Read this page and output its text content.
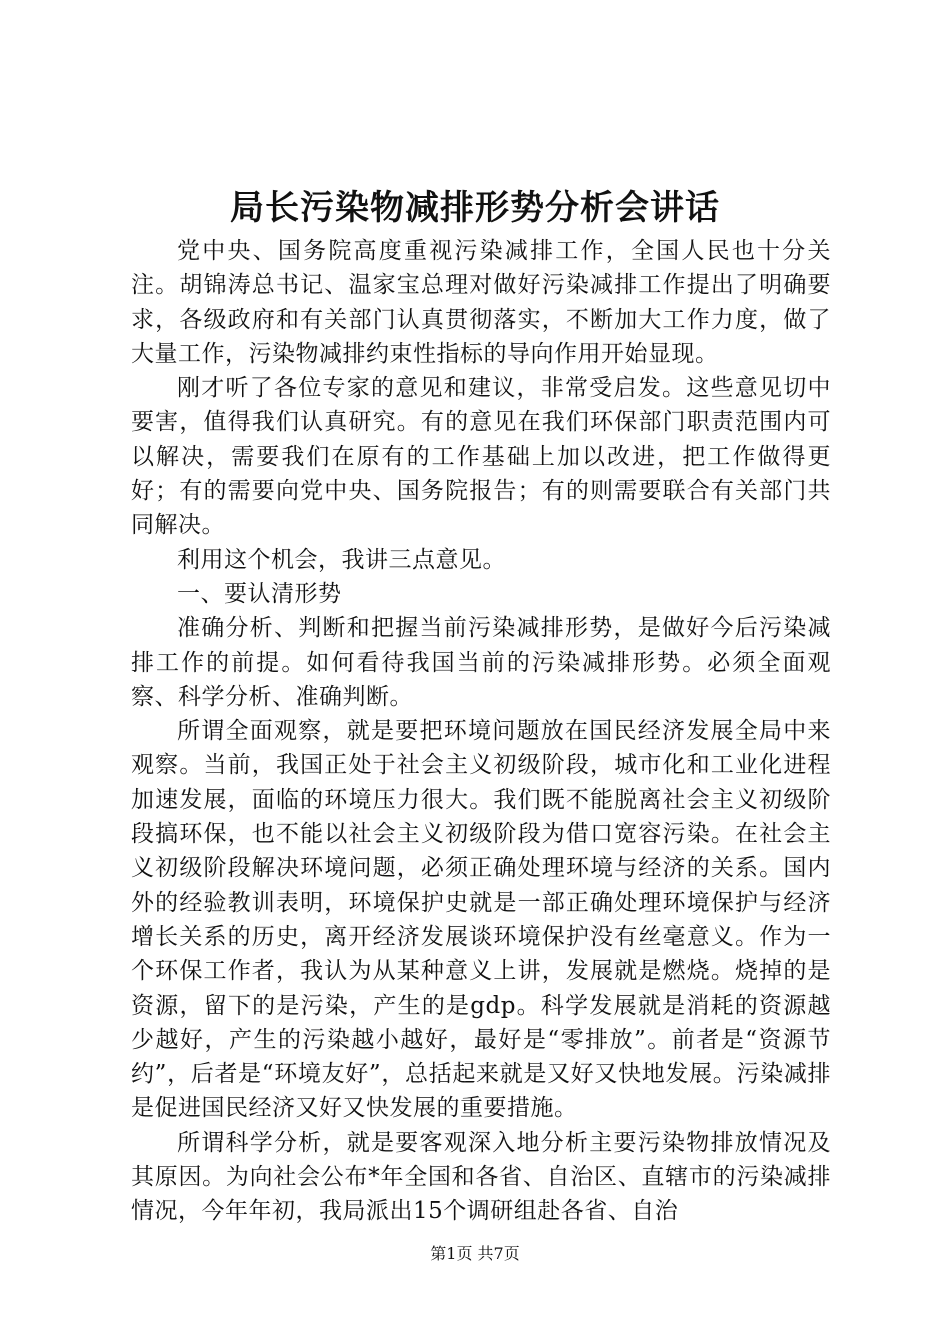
局长污染物减排形势分析会讲话

党中央、国务院高度重视污染减排工作，全国人民也十分关注。胡锦涛总书记、温家宝总理对做好污染减排工作提出了明确要求，各级政府和有关部门认真贯彻落实，不断加大工作力度，做了大量工作，污染物减排约束性指标的导向作用开始显现。

刚才听了各位专家的意见和建议，非常受启发。这些意见切中要害，值得我们认真研究。有的意见在我们环保部门职责范围内可以解决，需要我们在原有的工作基础上加以改进，把工作做得更好；有的需要向党中央、国务院报告；有的则需要联合有关部门共同解决。

利用这个机会，我讲三点意见。

一、要认清形势

准确分析、判断和把握当前污染减排形势，是做好今后污染减排工作的前提。如何看待我国当前的污染减排形势。必须全面观察、科学分析、准确判断。

所谓全面观察，就是要把环境问题放在国民经济发展全局中来观察。当前，我国正处于社会主义初级阶段，城市化和工业化进程加速发展，面临的环境压力很大。我们既不能脱离社会主义初级阶段搞环保，也不能以社会主义初级阶段为借口宽容污染。在社会主义初级阶段解决环境问题，必须正确处理环境与经济的关系。国内外的经验教训表明，环境保护史就是一部正确处理环境保护与经济增长关系的历史，离开经济发展谈环境保护没有丝毫意义。作为一个环保工作者，我认为从某种意义上讲，发展就是燃烧。烧掉的是资源，留下的是污染，产生的是gdp。科学发展就是消耗的资源越少越好，产生的污染越小越好，最好是“零排放”。前者是“资源节约”，后者是“环境友好”，总括起来就是又好又快地发展。污染减排是促进国民经济又好又快发展的重要措施。

所谓科学分析，就是要客观深入地分析主要污染物排放情况及其原因。为向社会公布*年全国和各省、自治区、直辖市的污染减排情况，今年年初，我局派出15个调研组赴各省、自治

第1页 共7页
